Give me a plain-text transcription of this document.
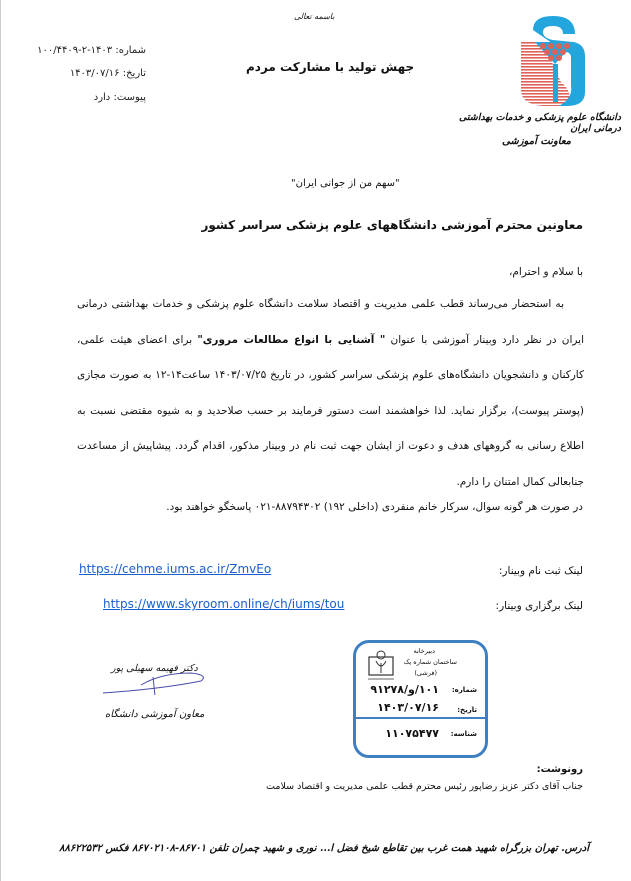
دانشگاه علوم پزشکی و خدمات بهداشتی درمانی ایران
معاونت آموزشی
باسمه تعالی
جهش تولید با مشارکت مردم
شماره: ۱۴۰۳-۲-۱۰۰/۴۴۰۹
تاریخ: ۱۴۰۳/۰۷/۱۶
پیوست: دارد
"سهم من از جوانی ایران"
معاونین محترم آموزشی دانشگاههای علوم پزشکی سراسر کشور
با سلام و احترام،
به استحضار می‌رساند قطب علمی مدیریت و اقتصاد سلامت دانشگاه علوم پزشکی و خدمات بهداشتی درمانی ایران در نظر دارد وبینار آموزشی با عنوان " آشنایی با انواع مطالعات مروری" برای اعضای هیئت علمی، کارکنان و دانشجویان دانشگاه‌های علوم پزشکی سراسر کشور، در تاریخ ۱۴۰۳/۰۷/۲۵ ساعت۱۴-۱۲ به صورت مجازی (پوستر پیوست)، برگزار نماید. لذا خواهشمند است دستور فرمایند بر حسب صلاحدید و به شیوه مقتضی نسبت به اطلاع رسانی به گروههای هدف و دعوت از ایشان جهت ثبت نام در وبینار مذکور، اقدام گردد. پیشاپیش از مساعدت جنابعالی کمال امتنان را دارم.
در صورت هر گونه سوال، سرکار خانم منفردی (داخلی ۱۹۲) ۸۸۷۹۴۳۰۲-۰۲۱ پاسخگو خواهند بود.
لینک ثبت نام وبینار:
https://cehme.iums.ac.ir/ZmvEo
لینک برگزاری وبینار:
https://www.skyroom.online/ch/iums/tou
دکتر فهیمه سهیلی پور
معاون آموزشی دانشگاه
دبیرخانه
ساختمان شماره یک
(فرشی)
شماره:
۱۰۱/و/۹۱۲۷۸
تاریخ:
۱۴۰۳/۰۷/۱۶
شناسه:
۱۱۰۷۵۴۷۷
رونوشت:
جناب آقای دکتر عزیز رضاپور رئیس محترم قطب علمی مدیریت و اقتصاد سلامت
آدرس. تهران بزرگراه شهید همت غرب بین تقاطع شیخ فضل ا... نوری و شهید چمران تلفن ۸۶۷۰۱-۸۶۷۰۲۱۰۸ فکس ۸۸۶۲۲۵۳۲
